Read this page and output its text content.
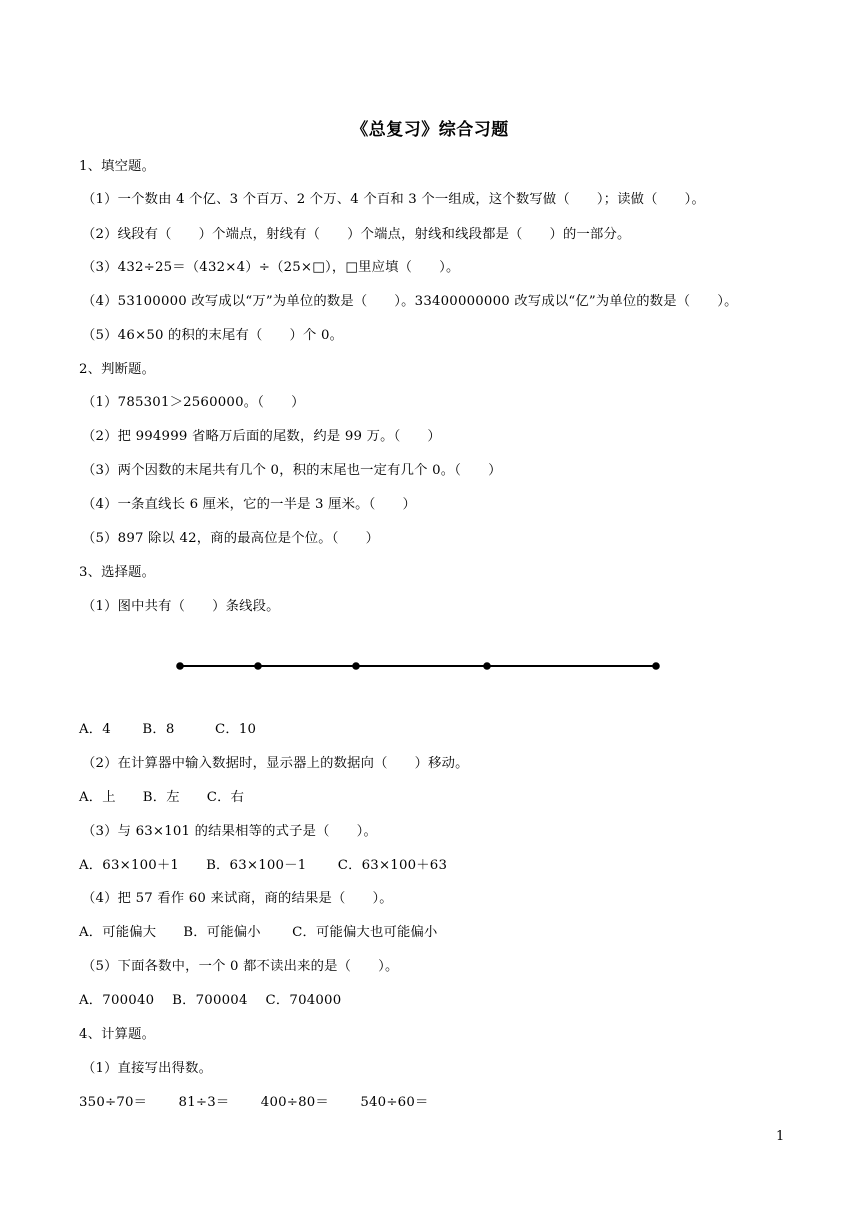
《总复习》综合习题
1、填空题。
（1）一个数由 4 个亿、3 个百万、2 个万、4 个百和 3 个一组成，这个数写做（　　）；读做（　　）。
（2）线段有（　　）个端点，射线有（　　）个端点，射线和线段都是（　　）的一部分。
（3）432÷25＝（432×4）÷（25×□），□里应填（　　）。
（4）53100000 改写成以“万”为单位的数是（　　）。33400000000 改写成以“亿”为单位的数是（　　）。
（5）46×50 的积的末尾有（　　）个 0。
2、判断题。
（1）785301＞2560000。（　　）
（2）把 994999 省略万后面的尾数，约是 99 万。（　　）
（3）两个因数的末尾共有几个 0，积的末尾也一定有几个 0。（　　）
（4）一条直线长 6 厘米，它的一半是 3 厘米。（　　）
（5）897 除以 42，商的最高位是个位。（　　）
3、选择题。
（1）图中共有（　　）条线段。
A．4　　 B．8　　　C．10
（2）在计算器中输入数据时，显示器上的数据向（　　）移动。
A．上　　B．左　　C．右
（3）与 63×101 的结果相等的式子是（　　）。
A．63×100＋1　　B．63×100－1　　 C．63×100＋63
（4）把 57 看作 60 来试商，商的结果是（　　）。
A．可能偏大　　B．可能偏小　　 C．可能偏大也可能偏小
（5）下面各数中，一个 0 都不读出来的是（　　）。
A．700040　 B．700004　 C．704000
4、计算题。
（1）直接写出得数。
350÷70＝　　 81÷3＝　　 400÷80＝　　 540÷60＝
1
